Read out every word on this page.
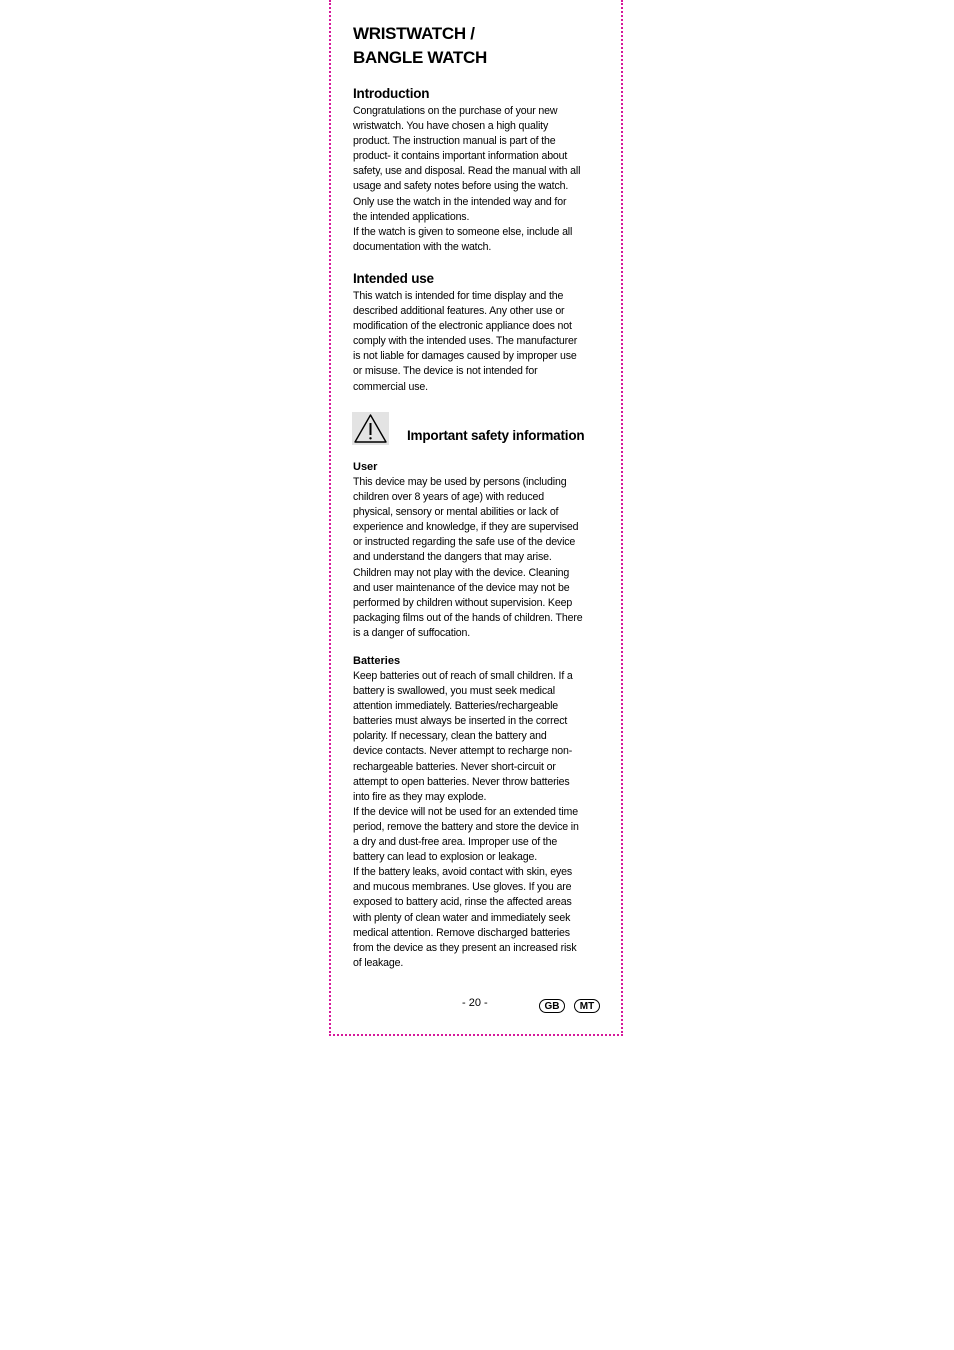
WRISTWATCH /
BANGLE WATCH
Introduction

Congratulations on the purchase of your new
wristwatch. You have chosen a high quality
product. The instruction manual is part of the
product- it contains important information about
safety, use and disposal. Read the manual with all
usage and safety notes before using the watch.
Only use the watch in the intended way and for
the intended applications.
If the watch is given to someone else, include all
documentation with the watch.

Intended use

This watch is intended for time display and the
described additional features. Any other use or
modification of the electronic appliance does not
comply with the intended uses. The manufacturer
is not liable for damages caused by improper use
or misuse. The device is not intended for
commercial use.

Important safety information
User

This device may be used by persons (including
children over 8 years of age) with reduced
physical, sensory or mental abilities or lack of
experience and knowledge, if they are supervised
or instructed regarding the safe use of the device
and understand the dangers that may arise.
Children may not play with the device. Cleaning
and user maintenance of the device may not be
performed by children without supervision. Keep
packaging films out of the hands of children. There
is a danger of suffocation.

Batteries

Keep batteries out of reach of small children. If a
battery is swallowed, you must seek medical
attention immediately. Batteries/rechargeable
batteries must always be inserted in the correct
polarity. If necessary, clean the battery and
device contacts. Never attempt to recharge non-
rechargeable batteries. Never short-circuit or
attempt to open batteries. Never throw batteries
into fire as they may explode.
If the device will not be used for an extended time
period, remove the battery and store the device in
a dry and dust-free area. Improper use of the
battery can lead to explosion or leakage.
If the battery leaks, avoid contact with skin, eyes
and mucous membranes. Use gloves. If you are
exposed to battery acid, rinse the affected areas
with plenty of clean water and immediately seek
medical attention. Remove discharged batteries
from the device as they present an increased risk
of leakage.

- 20 -	GB	MT
